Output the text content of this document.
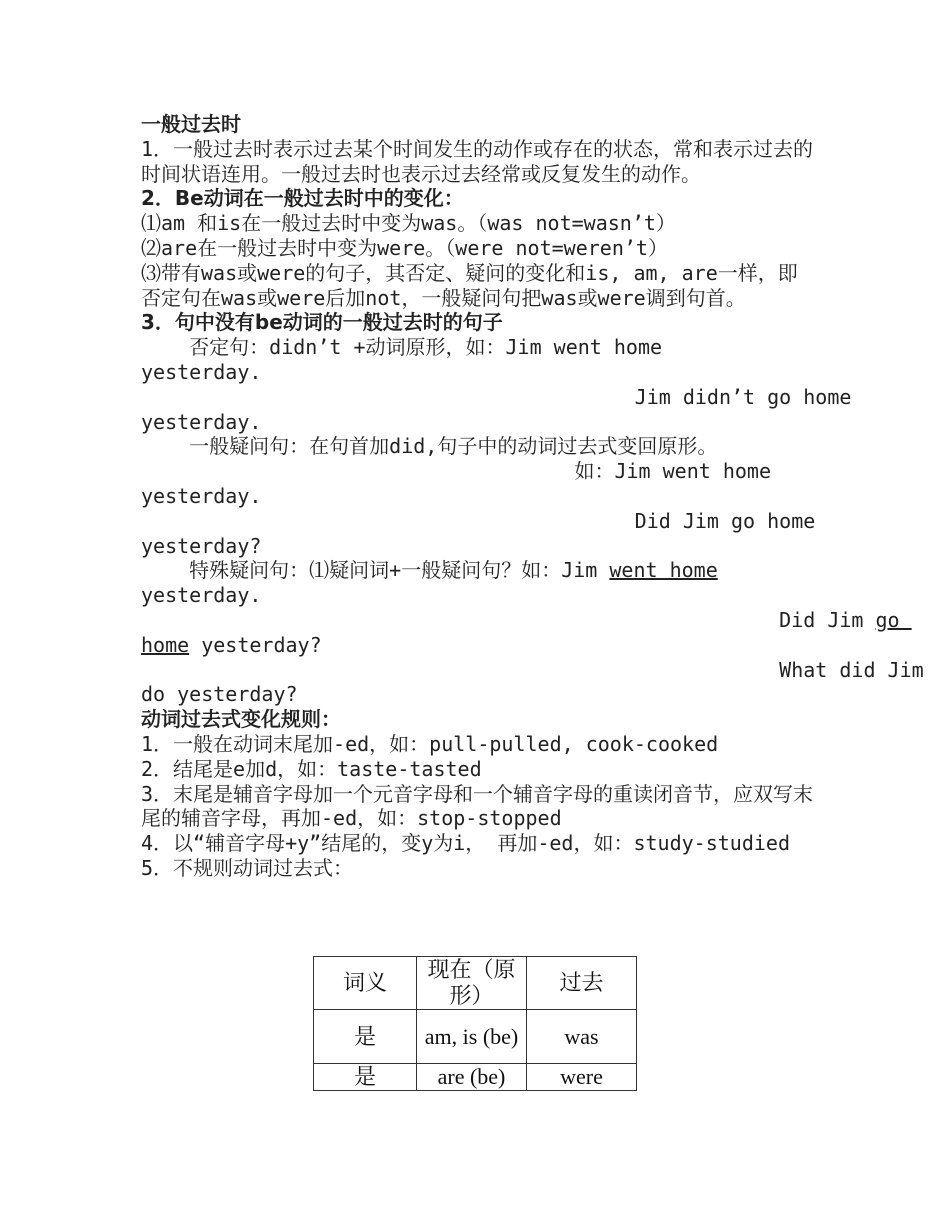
一般过去时
1．一般过去时表示过去某个时间发生的动作或存在的状态，常和表示过去的时间状语连用。一般过去时也表示过去经常或反复发生的动作。
2．Be动词在一般过去时中的变化：
⑴am 和is在一般过去时中变为was。（was not=wasn’t）
⑵are在一般过去时中变为were。（were not=weren’t）
⑶带有was或were的句子，其否定、疑问的变化和is, am, are一样，即否定句在was或were后加not，一般疑问句把was或were调到句首。
3．句中没有be动词的一般过去时的句子
否定句：didn’t +动词原形，如：Jim went home
yesterday.
Jim didn’t go home
yesterday.
一般疑问句：在句首加did,句子中的动词过去式变回原形。
如：Jim went home
yesterday.
Did Jim go home
yesterday?
特殊疑问句：⑴疑问词+一般疑问句？如：Jim went home
yesterday.
Did Jim go
home yesterday?
What did Jim
do yesterday?
动词过去式变化规则：
1．一般在动词末尾加-ed，如：pull-pulled, cook-cooked
2．结尾是e加d，如：taste-tasted
3．末尾是辅音字母加一个元音字母和一个辅音字母的重读闭音节，应双写末尾的辅音字母，再加-ed，如：stop-stopped
4．以“辅音字母+y”结尾的，变y为i， 再加-ed，如：study-studied
5．不规则动词过去式：
词义	现在（原形）	过去
是	am, is (be)	was
是	are (be)	were
